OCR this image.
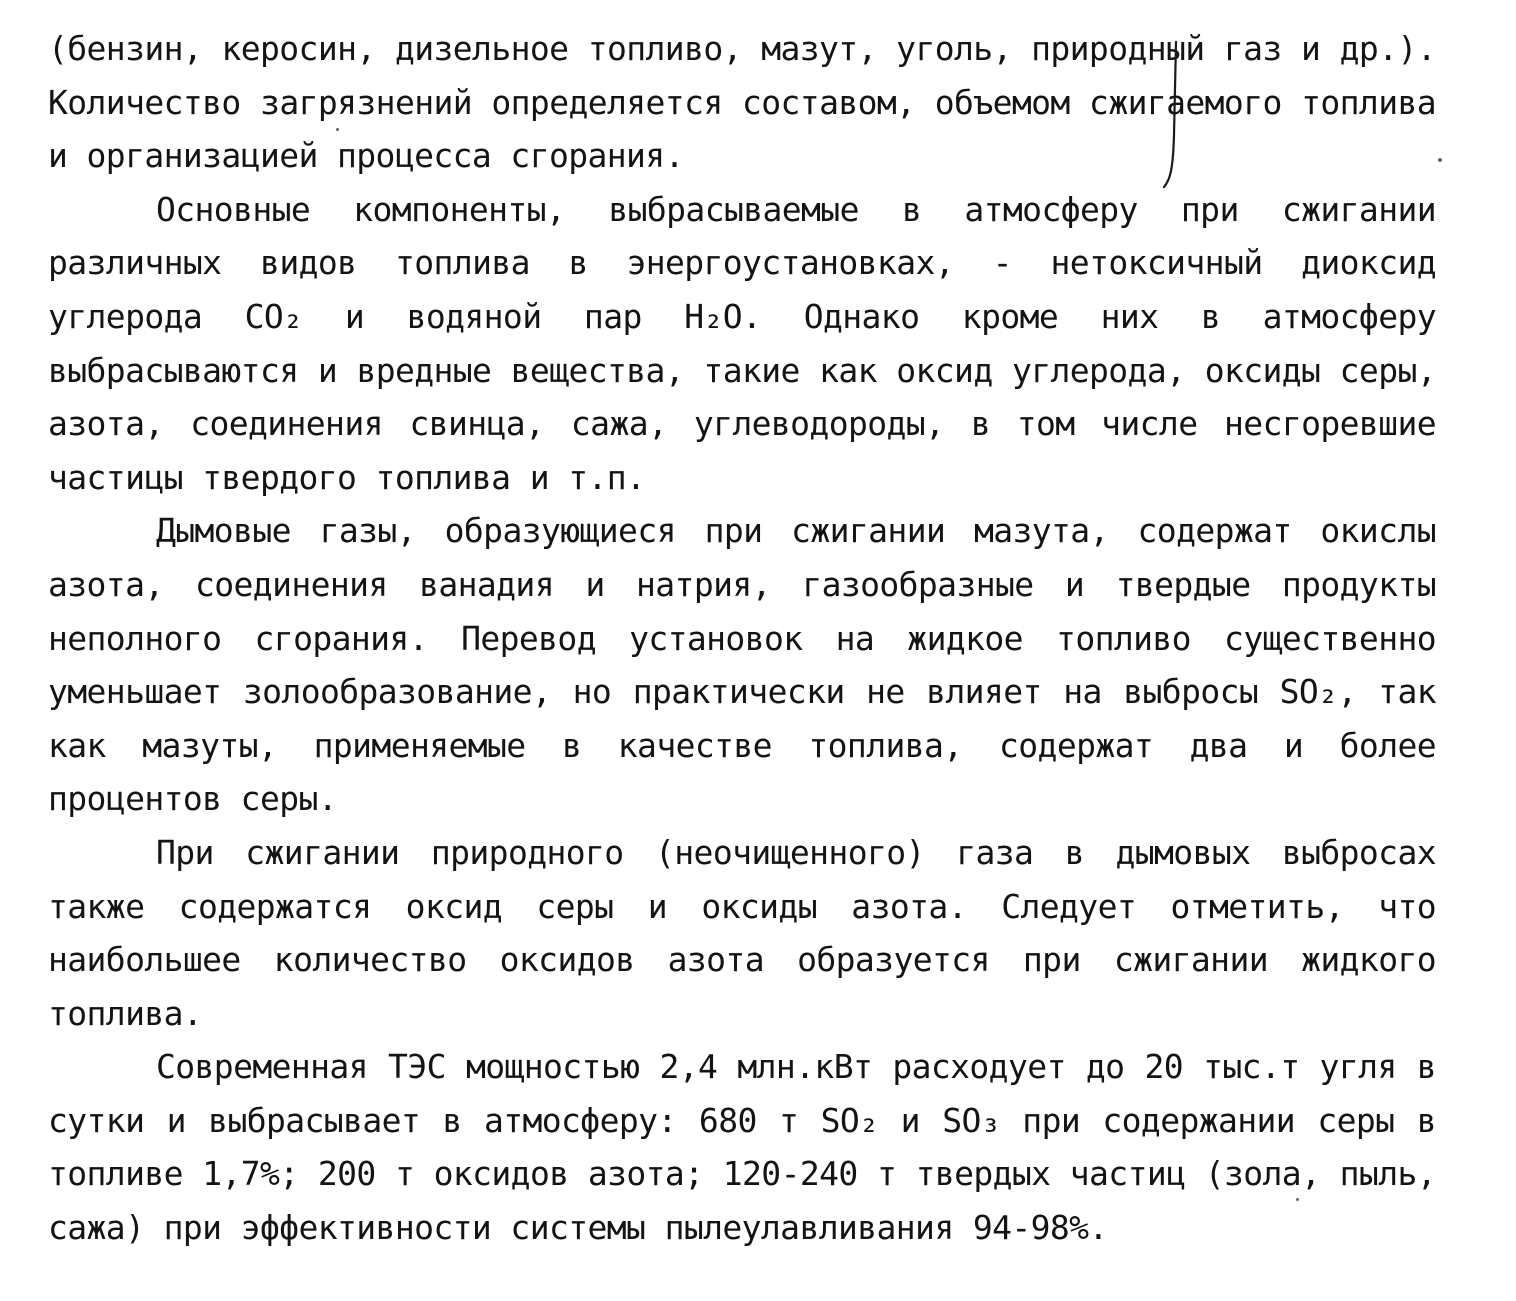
(бензин, керосин, дизельное топливо, мазут, уголь, природный газ и др.). Количество загрязнений определяется составом, объемом сжигаемого топлива и организацией процесса сгорания.

Основные компоненты, выбрасываемые в атмосферу при сжигании различных видов топлива в энергоустановках, - нетоксичный диоксид углерода CO₂ и водяной пар H₂O. Однако кроме них в атмосферу выбрасываются и вредные вещества, такие как оксид углерода, оксиды серы, азота, соединения свинца, сажа, углеводороды, в том числе несгоревшие частицы твердого топлива и т.п.

Дымовые газы, образующиеся при сжигании мазута, содержат окислы азота, соединения ванадия и натрия, газообразные и твердые продукты неполного сгорания. Перевод установок на жидкое топливо существенно уменьшает золообразование, но практически не влияет на выбросы SO₂, так как мазуты, применяемые в качестве топлива, содержат два и более процентов серы.

При сжигании природного (неочищенного) газа в дымовых выбросах также содержатся оксид серы и оксиды азота. Следует отметить, что наибольшее количество оксидов азота образуется при сжигании жидкого топлива.

Современная ТЭС мощностью 2,4 млн.кВт расходует до 20 тыс.т угля в сутки и выбрасывает в атмосферу: 680 т SO₂ и SO₃ при содержании серы в топливе 1,7%; 200 т оксидов азота; 120-240 т твердых частиц (зола, пыль, сажа) при эффективности системы пылеулавливания 94-98%.
